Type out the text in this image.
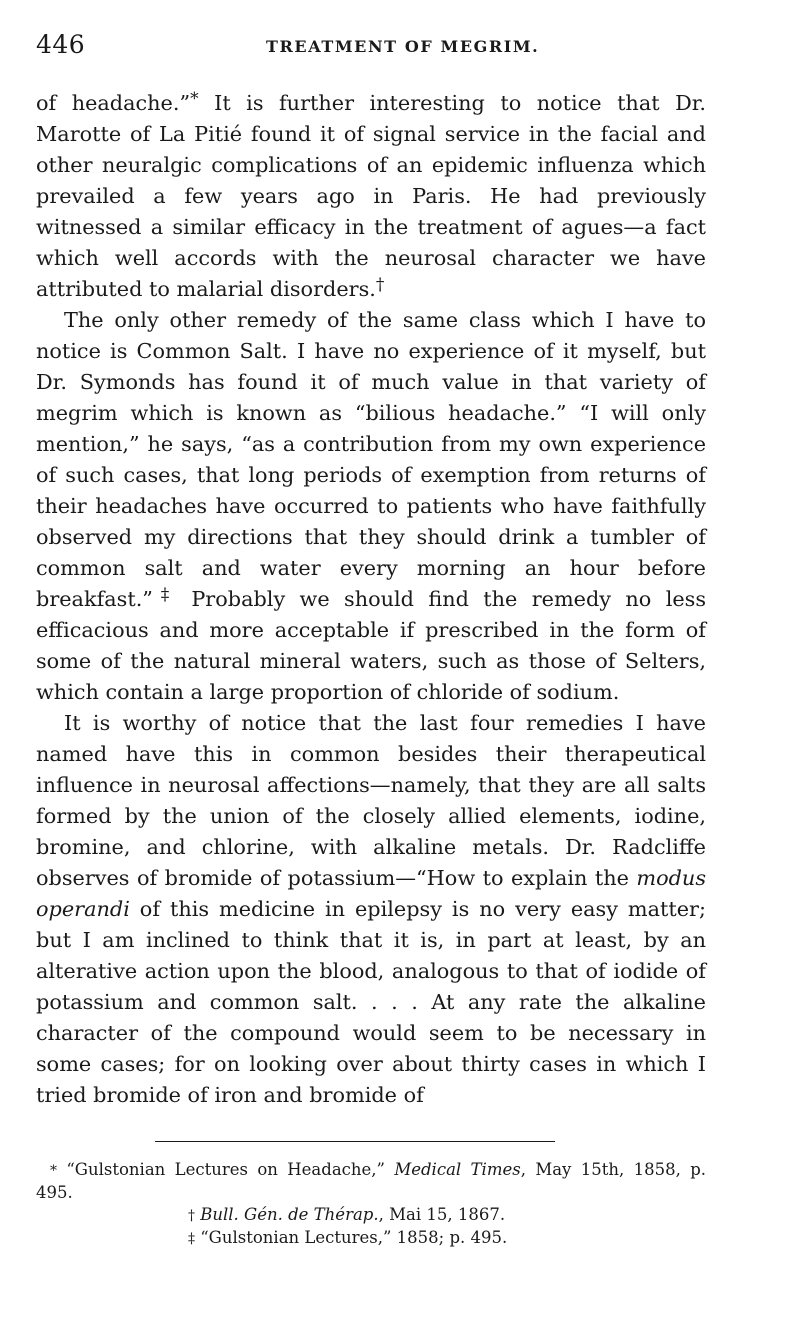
446	TREATMENT OF MEGRIM.

of headache.”* It is further interesting to notice that Dr. Marotte of La Pitié found it of signal service in the facial and other neuralgic complications of an epidemic influenza which prevailed a few years ago in Paris. He had previously witnessed a similar efficacy in the treatment of agues—a fact which well accords with the neurosal character we have attributed to malarial disorders.†

The only other remedy of the same class which I have to notice is Common Salt. I have no experience of it myself, but Dr. Symonds has found it of much value in that variety of megrim which is known as “bilious headache.” “I will only mention,” he says, “as a contribution from my own experience of such cases, that long periods of exemption from returns of their headaches have occurred to patients who have faithfully observed my directions that they should drink a tumbler of common salt and water every morning an hour before breakfast.”‡ Probably we should find the remedy no less efficacious and more acceptable if prescribed in the form of some of the natural mineral waters, such as those of Selters, which contain a large proportion of chloride of sodium.

It is worthy of notice that the last four remedies I have named have this in common besides their therapeutical influence in neurosal affections—namely, that they are all salts formed by the union of the closely allied elements, iodine, bromine, and chlorine, with alkaline metals. Dr. Radcliffe observes of bromide of potassium—“How to explain the modus operandi of this medicine in epilepsy is no very easy matter; but I am inclined to think that it is, in part at least, by an alterative action upon the blood, analogous to that of iodide of potassium and common salt. . . . At any rate the alkaline character of the compound would seem to be necessary in some cases; for on looking over about thirty cases in which I tried bromide of iron and bromide of

* “Gulstonian Lectures on Headache,” Medical Times, May 15th, 1858, p. 495.

† Bull. Gén. de Thérap., Mai 15, 1867.

‡ “Gulstonian Lectures,” 1858; p. 495.
